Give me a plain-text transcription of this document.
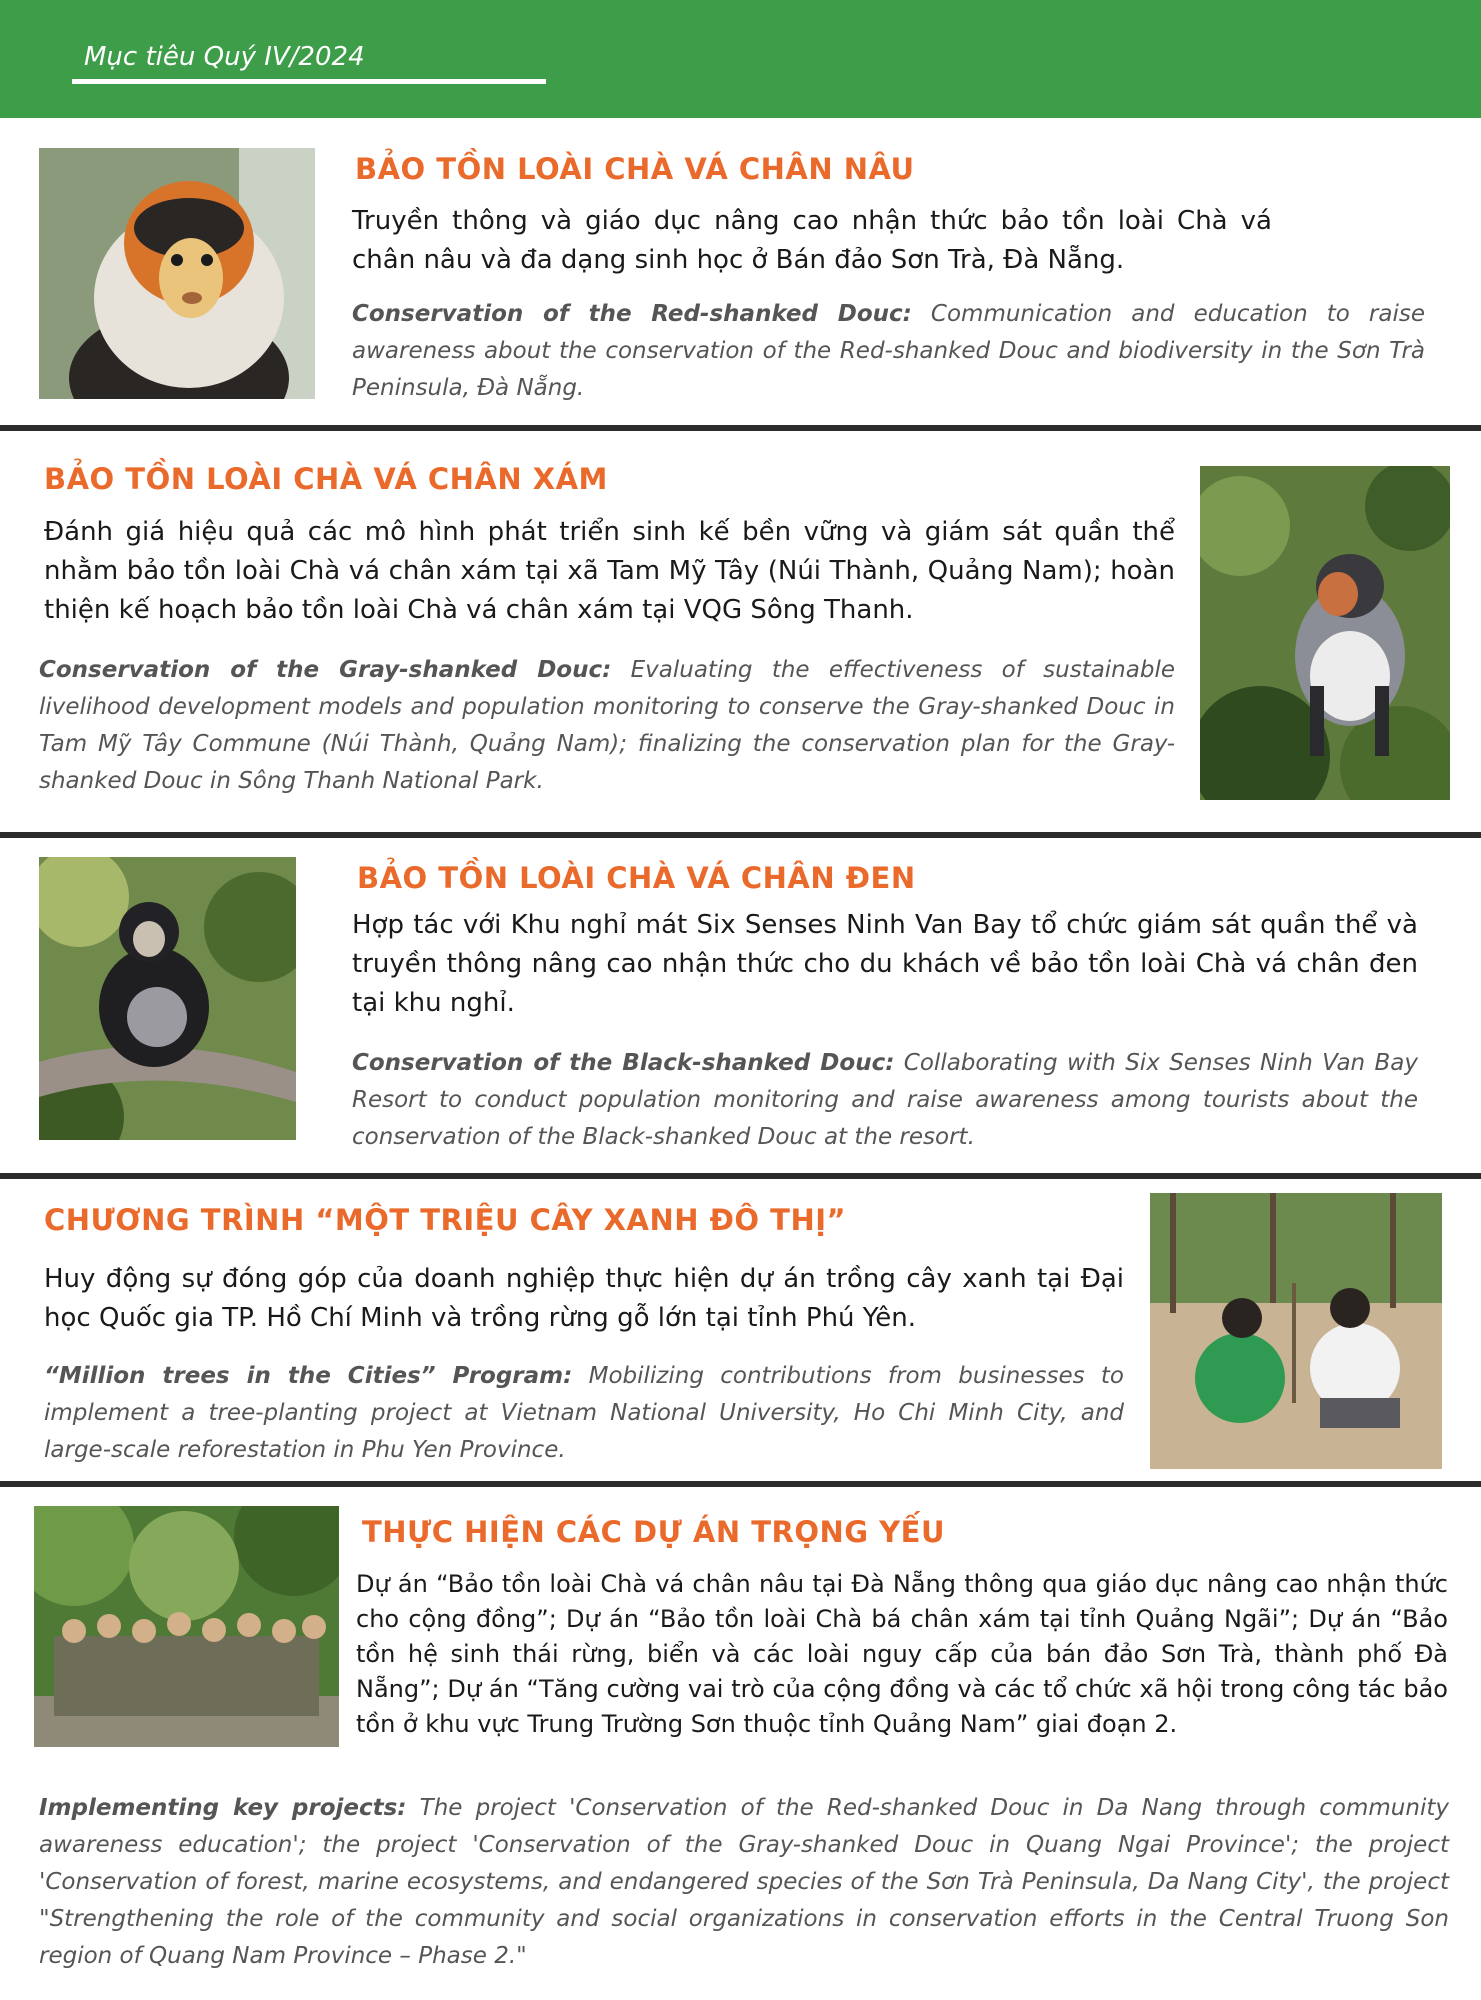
Mục tiêu Quý IV/2024
BẢO TỒN LOÀI CHÀ VÁ CHÂN NÂU
Truyền thông và giáo dục nâng cao nhận thức bảo tồn loài Chà vá chân nâu và đa dạng sinh học ở Bán đảo Sơn Trà, Đà Nẵng.
Conservation of the Red-shanked Douc: Communication and education to raise awareness about the conservation of the Red-shanked Douc and biodiversity in the Sơn Trà Peninsula, Đà Nẵng.
BẢO TỒN LOÀI CHÀ VÁ CHÂN XÁM
Đánh giá hiệu quả các mô hình phát triển sinh kế bền vững và giám sát quần thể nhằm bảo tồn loài Chà vá chân xám tại xã Tam Mỹ Tây (Núi Thành, Quảng Nam); hoàn thiện kế hoạch bảo tồn loài Chà vá chân xám tại VQG Sông Thanh.
Conservation of the Gray-shanked Douc: Evaluating the effectiveness of sustainable livelihood development models and population monitoring to conserve the Gray-shanked Douc in Tam Mỹ Tây Commune (Núi Thành, Quảng Nam); finalizing the conservation plan for the Gray-shanked Douc in Sông Thanh National Park.
BẢO TỒN LOÀI CHÀ VÁ CHÂN ĐEN
Hợp tác với Khu nghỉ mát Six Senses Ninh Van Bay tổ chức giám sát quần thể và truyền thông nâng cao nhận thức cho du khách về bảo tồn loài Chà vá chân đen tại khu nghỉ.
Conservation of the Black-shanked Douc: Collaborating with Six Senses Ninh Van Bay Resort to conduct population monitoring and raise awareness among tourists about the conservation of the Black-shanked Douc at the resort.
CHƯƠNG TRÌNH “MỘT TRIỆU CÂY XANH ĐÔ THỊ”
Huy động sự đóng góp của doanh nghiệp thực hiện dự án trồng cây xanh tại Đại học Quốc gia TP. Hồ Chí Minh và trồng rừng gỗ lớn tại tỉnh Phú Yên.
“Million trees in the Cities” Program: Mobilizing contributions from businesses to implement a tree-planting project at Vietnam National University, Ho Chi Minh City, and large-scale reforestation in Phu Yen Province.
THỰC HIỆN CÁC DỰ ÁN TRỌNG YẾU
Dự án “Bảo tồn loài Chà vá chân nâu tại Đà Nẵng thông qua giáo dục nâng cao nhận thức cho cộng đồng”; Dự án “Bảo tồn loài Chà bá chân xám tại tỉnh Quảng Ngãi”; Dự án “Bảo tồn hệ sinh thái rừng, biển và các loài nguy cấp của bán đảo Sơn Trà, thành phố Đà Nẵng”; Dự án “Tăng cường vai trò của cộng đồng và các tổ chức xã hội trong công tác bảo tồn ở khu vực Trung Trường Sơn thuộc tỉnh Quảng Nam” giai đoạn 2.
Implementing key projects: The project 'Conservation of the Red-shanked Douc in Da Nang through community awareness education'; the project 'Conservation of the Gray-shanked Douc in Quang Ngai Province'; the project 'Conservation of forest, marine ecosystems, and endangered species of the Sơn Trà Peninsula, Da Nang City', the project "Strengthening the role of the community and social organizations in conservation efforts in the Central Truong Son region of Quang Nam Province – Phase 2."
